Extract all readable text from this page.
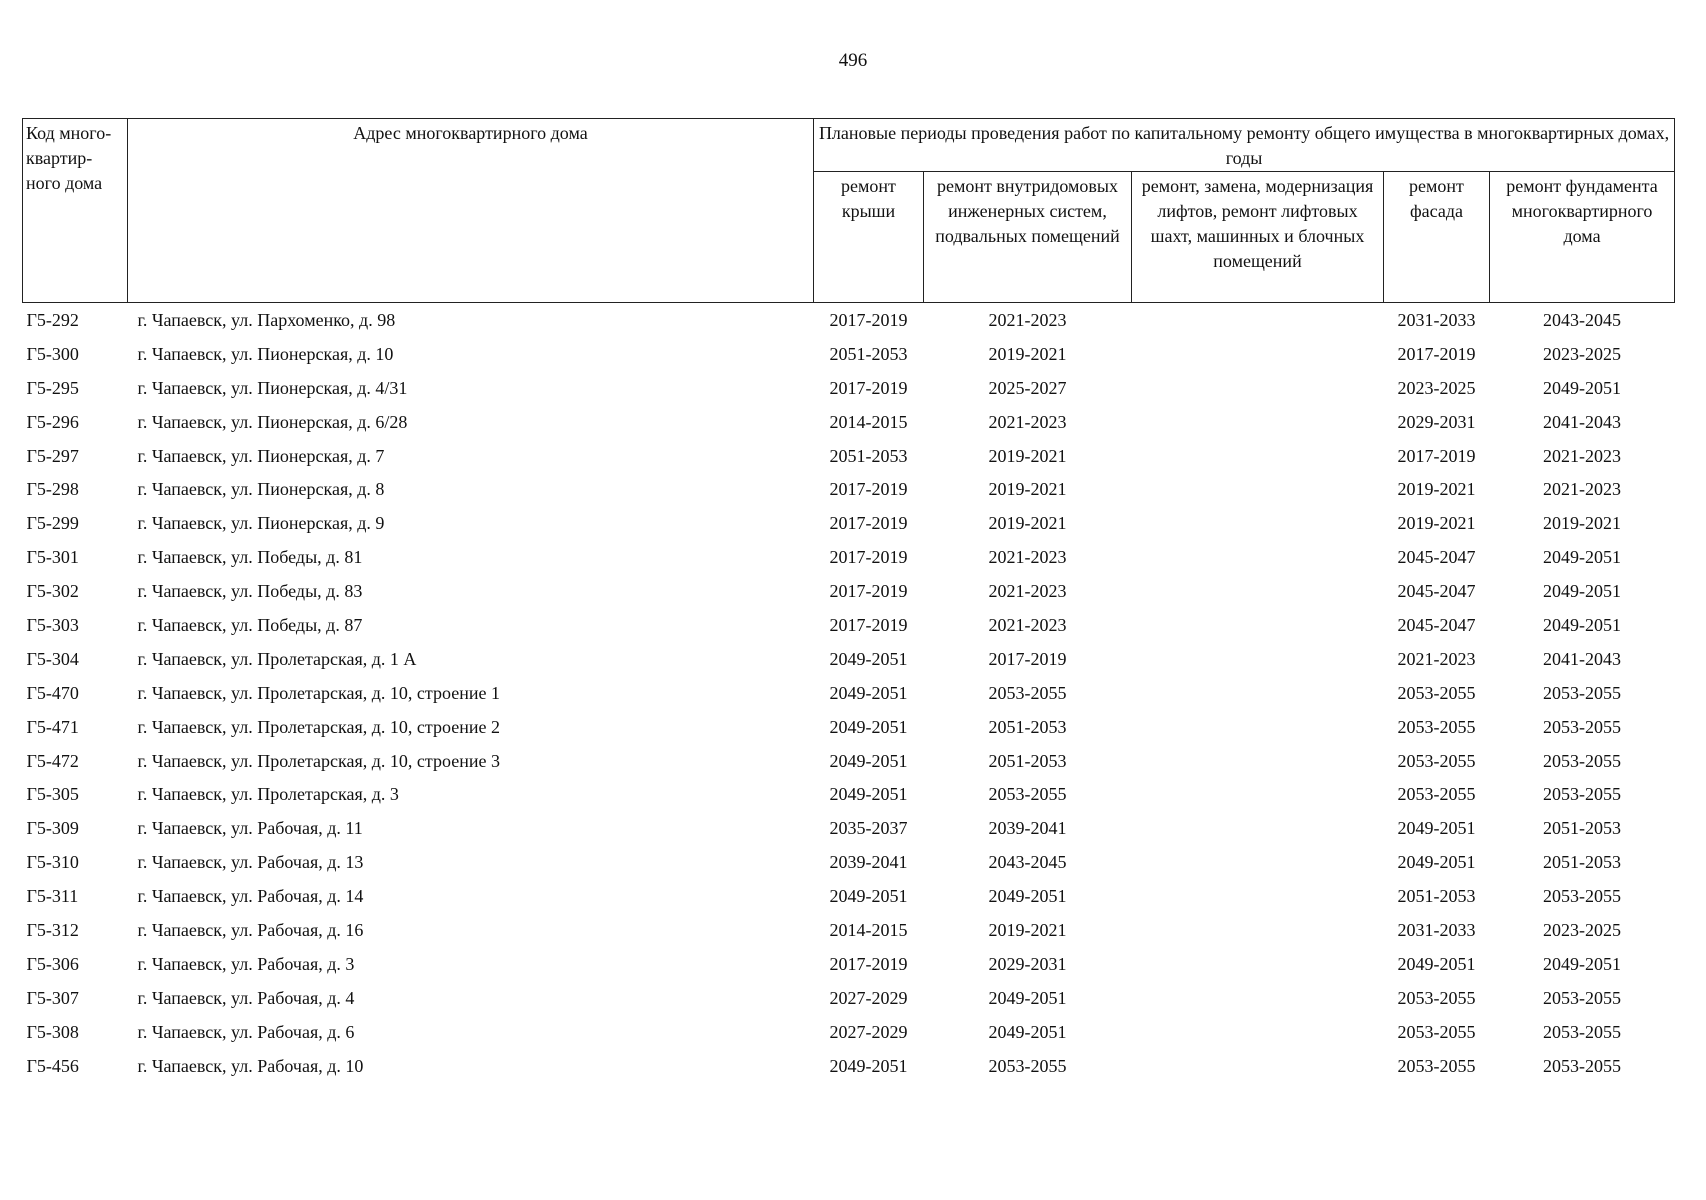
496
Код много-квартир-ного дома	Адрес многоквартирного дома	Плановые периоды проведения работ по капитальному ремонту общего имущества в многоквартирных домах, годы				
		ремонт крыши	ремонт внутридомовых инженерных систем, подвальных помещений	ремонт, замена, модернизация лифтов, ремонт лифтовых шахт, машинных и блочных помещений	ремонт фасада	ремонт фундамента многоквартирного дома
Г5-292	г. Чапаевск, ул. Пархоменко, д. 98	2017-2019	2021-2023		2031-2033	2043-2045
Г5-300	г. Чапаевск, ул. Пионерская, д. 10	2051-2053	2019-2021		2017-2019	2023-2025
Г5-295	г. Чапаевск, ул. Пионерская, д. 4/31	2017-2019	2025-2027		2023-2025	2049-2051
Г5-296	г. Чапаевск, ул. Пионерская, д. 6/28	2014-2015	2021-2023		2029-2031	2041-2043
Г5-297	г. Чапаевск, ул. Пионерская, д. 7	2051-2053	2019-2021		2017-2019	2021-2023
Г5-298	г. Чапаевск, ул. Пионерская, д. 8	2017-2019	2019-2021		2019-2021	2021-2023
Г5-299	г. Чапаевск, ул. Пионерская, д. 9	2017-2019	2019-2021		2019-2021	2019-2021
Г5-301	г. Чапаевск, ул. Победы, д. 81	2017-2019	2021-2023		2045-2047	2049-2051
Г5-302	г. Чапаевск, ул. Победы, д. 83	2017-2019	2021-2023		2045-2047	2049-2051
Г5-303	г. Чапаевск, ул. Победы, д. 87	2017-2019	2021-2023		2045-2047	2049-2051
Г5-304	г. Чапаевск, ул. Пролетарская, д. 1 А	2049-2051	2017-2019		2021-2023	2041-2043
Г5-470	г. Чапаевск, ул. Пролетарская, д. 10, строение 1	2049-2051	2053-2055		2053-2055	2053-2055
Г5-471	г. Чапаевск, ул. Пролетарская, д. 10, строение 2	2049-2051	2051-2053		2053-2055	2053-2055
Г5-472	г. Чапаевск, ул. Пролетарская, д. 10, строение 3	2049-2051	2051-2053		2053-2055	2053-2055
Г5-305	г. Чапаевск, ул. Пролетарская, д. 3	2049-2051	2053-2055		2053-2055	2053-2055
Г5-309	г. Чапаевск, ул. Рабочая, д. 11	2035-2037	2039-2041		2049-2051	2051-2053
Г5-310	г. Чапаевск, ул. Рабочая, д. 13	2039-2041	2043-2045		2049-2051	2051-2053
Г5-311	г. Чапаевск, ул. Рабочая, д. 14	2049-2051	2049-2051		2051-2053	2053-2055
Г5-312	г. Чапаевск, ул. Рабочая, д. 16	2014-2015	2019-2021		2031-2033	2023-2025
Г5-306	г. Чапаевск, ул. Рабочая, д. 3	2017-2019	2029-2031		2049-2051	2049-2051
Г5-307	г. Чапаевск, ул. Рабочая, д. 4	2027-2029	2049-2051		2053-2055	2053-2055
Г5-308	г. Чапаевск, ул. Рабочая, д. 6	2027-2029	2049-2051		2053-2055	2053-2055
Г5-456	г. Чапаевск, ул. Рабочая, д. 10	2049-2051	2053-2055		2053-2055	2053-2055
